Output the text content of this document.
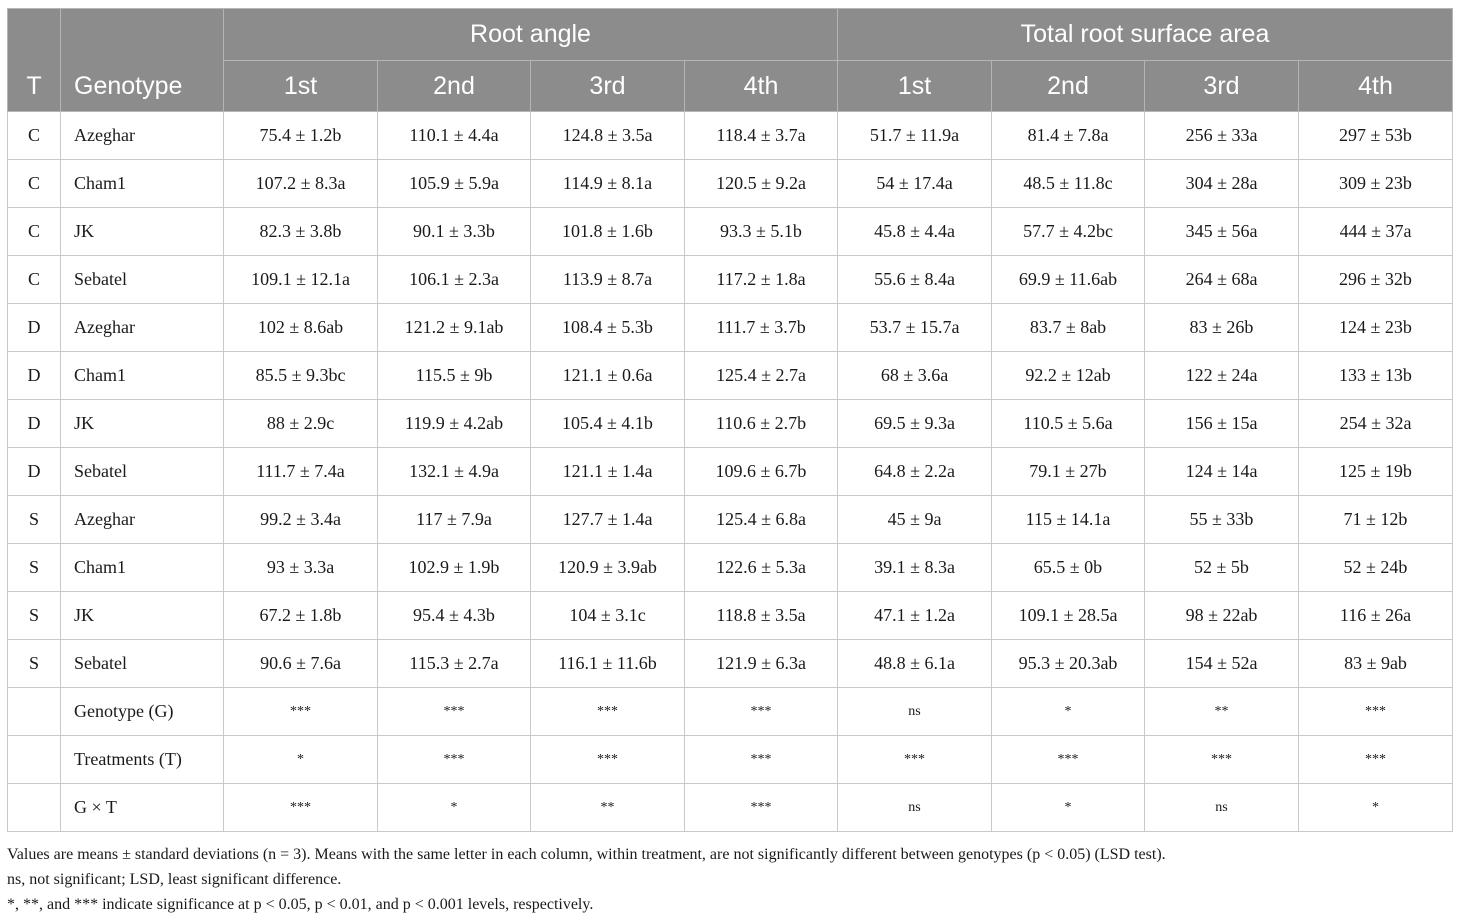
T	Genotype	Root angle				Total root surface area			
		1st	2nd	3rd	4th	1st	2nd	3rd	4th
C	Azeghar	75.4 ± 1.2b	110.1 ± 4.4a	124.8 ± 3.5a	118.4 ± 3.7a	51.7 ± 11.9a	81.4 ± 7.8a	256 ± 33a	297 ± 53b
C	Cham1	107.2 ± 8.3a	105.9 ± 5.9a	114.9 ± 8.1a	120.5 ± 9.2a	54 ± 17.4a	48.5 ± 11.8c	304 ± 28a	309 ± 23b
C	JK	82.3 ± 3.8b	90.1 ± 3.3b	101.8 ± 1.6b	93.3 ± 5.1b	45.8 ± 4.4a	57.7 ± 4.2bc	345 ± 56a	444 ± 37a
C	Sebatel	109.1 ± 12.1a	106.1 ± 2.3a	113.9 ± 8.7a	117.2 ± 1.8a	55.6 ± 8.4a	69.9 ± 11.6ab	264 ± 68a	296 ± 32b
D	Azeghar	102 ± 8.6ab	121.2 ± 9.1ab	108.4 ± 5.3b	111.7 ± 3.7b	53.7 ± 15.7a	83.7 ± 8ab	83 ± 26b	124 ± 23b
D	Cham1	85.5 ± 9.3bc	115.5 ± 9b	121.1 ± 0.6a	125.4 ± 2.7a	68 ± 3.6a	92.2 ± 12ab	122 ± 24a	133 ± 13b
D	JK	88 ± 2.9c	119.9 ± 4.2ab	105.4 ± 4.1b	110.6 ± 2.7b	69.5 ± 9.3a	110.5 ± 5.6a	156 ± 15a	254 ± 32a
D	Sebatel	111.7 ± 7.4a	132.1 ± 4.9a	121.1 ± 1.4a	109.6 ± 6.7b	64.8 ± 2.2a	79.1 ± 27b	124 ± 14a	125 ± 19b
S	Azeghar	99.2 ± 3.4a	117 ± 7.9a	127.7 ± 1.4a	125.4 ± 6.8a	45 ± 9a	115 ± 14.1a	55 ± 33b	71 ± 12b
S	Cham1	93 ± 3.3a	102.9 ± 1.9b	120.9 ± 3.9ab	122.6 ± 5.3a	39.1 ± 8.3a	65.5 ± 0b	52 ± 5b	52 ± 24b
S	JK	67.2 ± 1.8b	95.4 ± 4.3b	104 ± 3.1c	118.8 ± 3.5a	47.1 ± 1.2a	109.1 ± 28.5a	98 ± 22ab	116 ± 26a
S	Sebatel	90.6 ± 7.6a	115.3 ± 2.7a	116.1 ± 11.6b	121.9 ± 6.3a	48.8 ± 6.1a	95.3 ± 20.3ab	154 ± 52a	83 ± 9ab
	Genotype (G)	***	***	***	***	ns	*	**	***
	Treatments (T)	*	***	***	***	***	***	***	***
	G × T	***	*	**	***	ns	*	ns	*

Values are means ± standard deviations (n = 3). Means with the same letter in each column, within treatment, are not significantly different between genotypes (p < 0.05) (LSD test).

ns, not significant; LSD, least significant difference.

*, **, and *** indicate significance at p < 0.05, p < 0.01, and p < 0.001 levels, respectively.
